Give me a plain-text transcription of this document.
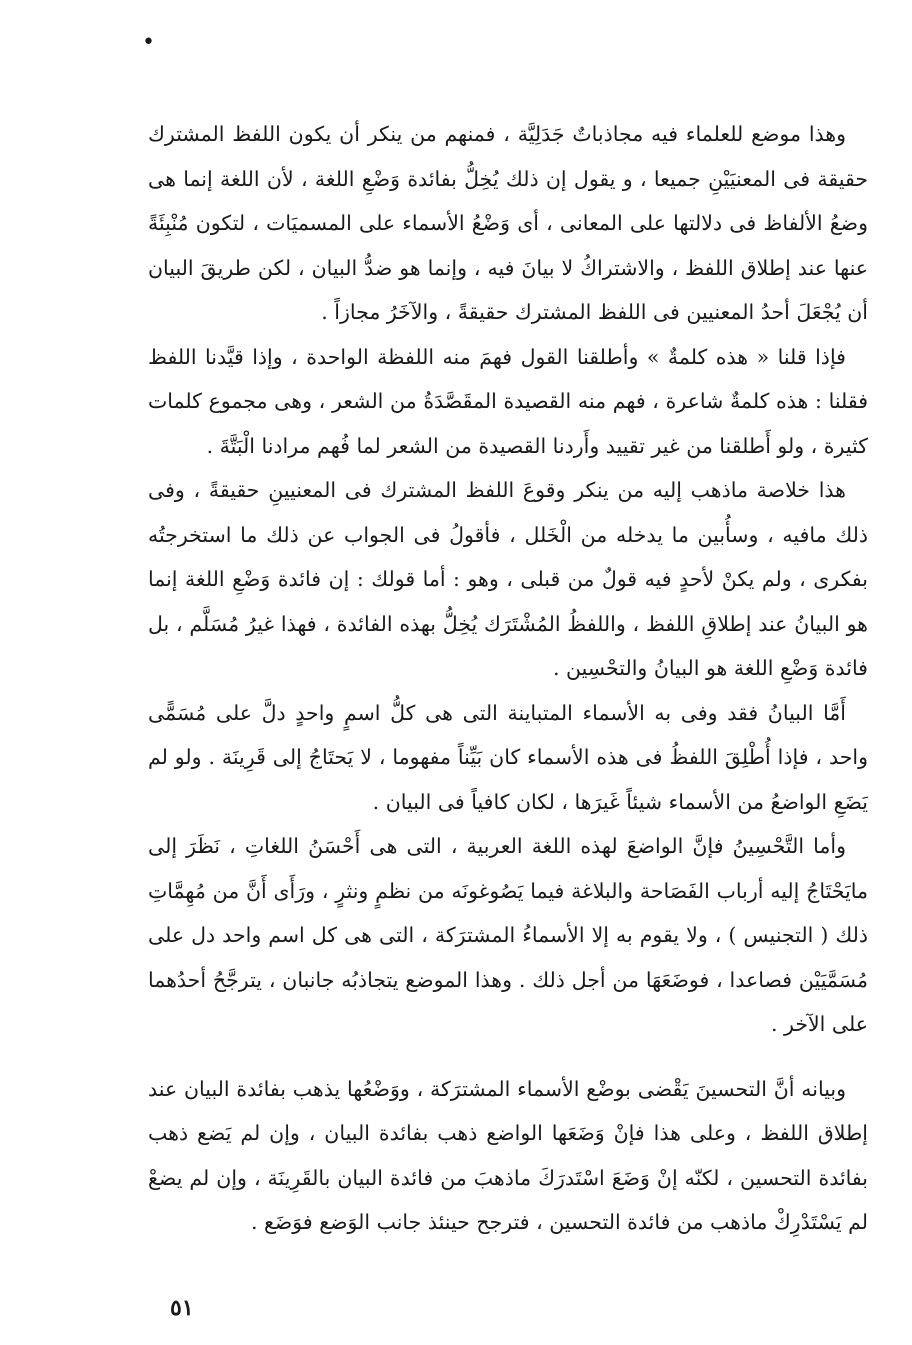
•

وهذا موضع للعلماء فيه مجاذباتٌ جَدَلِيَّة ، فمنهم من ينكر أن يكون اللفظ المشترك حقيقة فى المعنيَيْنِ جميعا ، و يقول إن ذلك يُخِلُّ بفائدة وَضْعِ اللغة ، لأن اللغة إنما هى وضعُ الألفاظ فى دلالتها على المعانى ، أى وَضْعُ الأسماء على المسميَات ، لتكون مُنْبِئَةً عنها عند إطلاق اللفظ ، والاشتراكُ لا بيانَ فيه ، وإنما هو ضدُّ البيان ، لكن طريقَ البيان أن يُجْعَلَ أحدُ المعنيين فى اللفظ المشترك حقيقةً ، والآخَرُ مجازاً .

فإذا قلنا « هذه كلمةٌ » وأطلقنا القول فهمَ منه اللفظة الواحدة ، وإذا قيَّدنا اللفظ فقلنا : هذه كلمةٌ شاعرة ، فهم منه القصيدة المقَصَّدَةُ من الشعر ، وهى مجموع كلمات كثيرة ، ولو أَطلقنا من غير تقييد وأَردنا القصيدة من الشعر لما فُهم مرادنا الْبَتَّةَ .

هذا خلاصة ماذهب إليه من ينكر وقوعَ اللفظ المشترك فى المعنيينِ حقيقةً ، وفى ذلك مافيه ، وسأُبين ما يدخله من الْخَلل ، فأقولُ فى الجواب عن ذلك ما استخرجتُه بفكرى ، ولم يكنْ لأحدٍ فيه قولٌ من قبلى ، وهو : أما قولك : إن فائدة وَضْعِ اللغة إنما هو البيانُ عند إطلاقِ اللفظ ، واللفظُ المُشْتَرَك يُخِلُّ بهذه الفائدة ، فهذا غيرُ مُسَلَّم ، بل فائدة وَضْعِ اللغة هو البيانُ والتحْسِين .

أَمَّا البيانُ فقد وفى به الأسماء المتباينة التى هى كلُّ اسمٍ واحدٍ دلَّ على مُسَمًّى واحد ، فإذا أُطْلِقَ اللفظُ فى هذه الأسماء كان بَيِّناً مفهوما ، لا يَحتَاجُ إلى قَرِينَة . ولو لم يَضَعِ الواضعُ من الأسماء شيئاً غَيرَها ، لكان كافياً فى البيان .

وأما التَّحْسِينُ فإنَّ الواضعَ لهذه اللغة العربية ، التى هى أَحْسَنُ اللغاتِ ، نَظَرَ إلى مايَحْتَاجُ إليه أرباب الفَصَاحة والبلاغة فيما يَصُوغونَه من نظمٍ ونثرٍ ، ورَأَى أَنَّ من مُهِمَّاتِ ذلك ( التجنيس ) ، ولا يقوم به إلا الأسماءُ المشترَكة ، التى هى كل اسم واحد دل على مُسَمَّيَيْن فصاعدا ، فوضَعَهَا من أجل ذلك . وهذا الموضع يتجاذبُه جانبان ، يترجَّحُ أحدُهما على الآخر .

وبيانه أنَّ التحسينَ يَقْضى بوضْع الأسماء المشترَكة ، ووَضْعُها يذهب بفائدة البيان عند إطلاق اللفظ ، وعلى هذا فإنْ وَضَعَها الواضع ذهب بفائدة البيان ، وإن لم يَضع ذهب بفائدة التحسين ، لكنّه إنْ وَضَعَ اسْتَدرَكَ ماذهبَ من فائدة البيان بالقَرِينَة ، وإن لم يضعْ لم يَسْتَدْرِكْ ماذهب من فائدة التحسين ، فترجح حينئذ جانب الوَضع فوَضَع .

٥١
